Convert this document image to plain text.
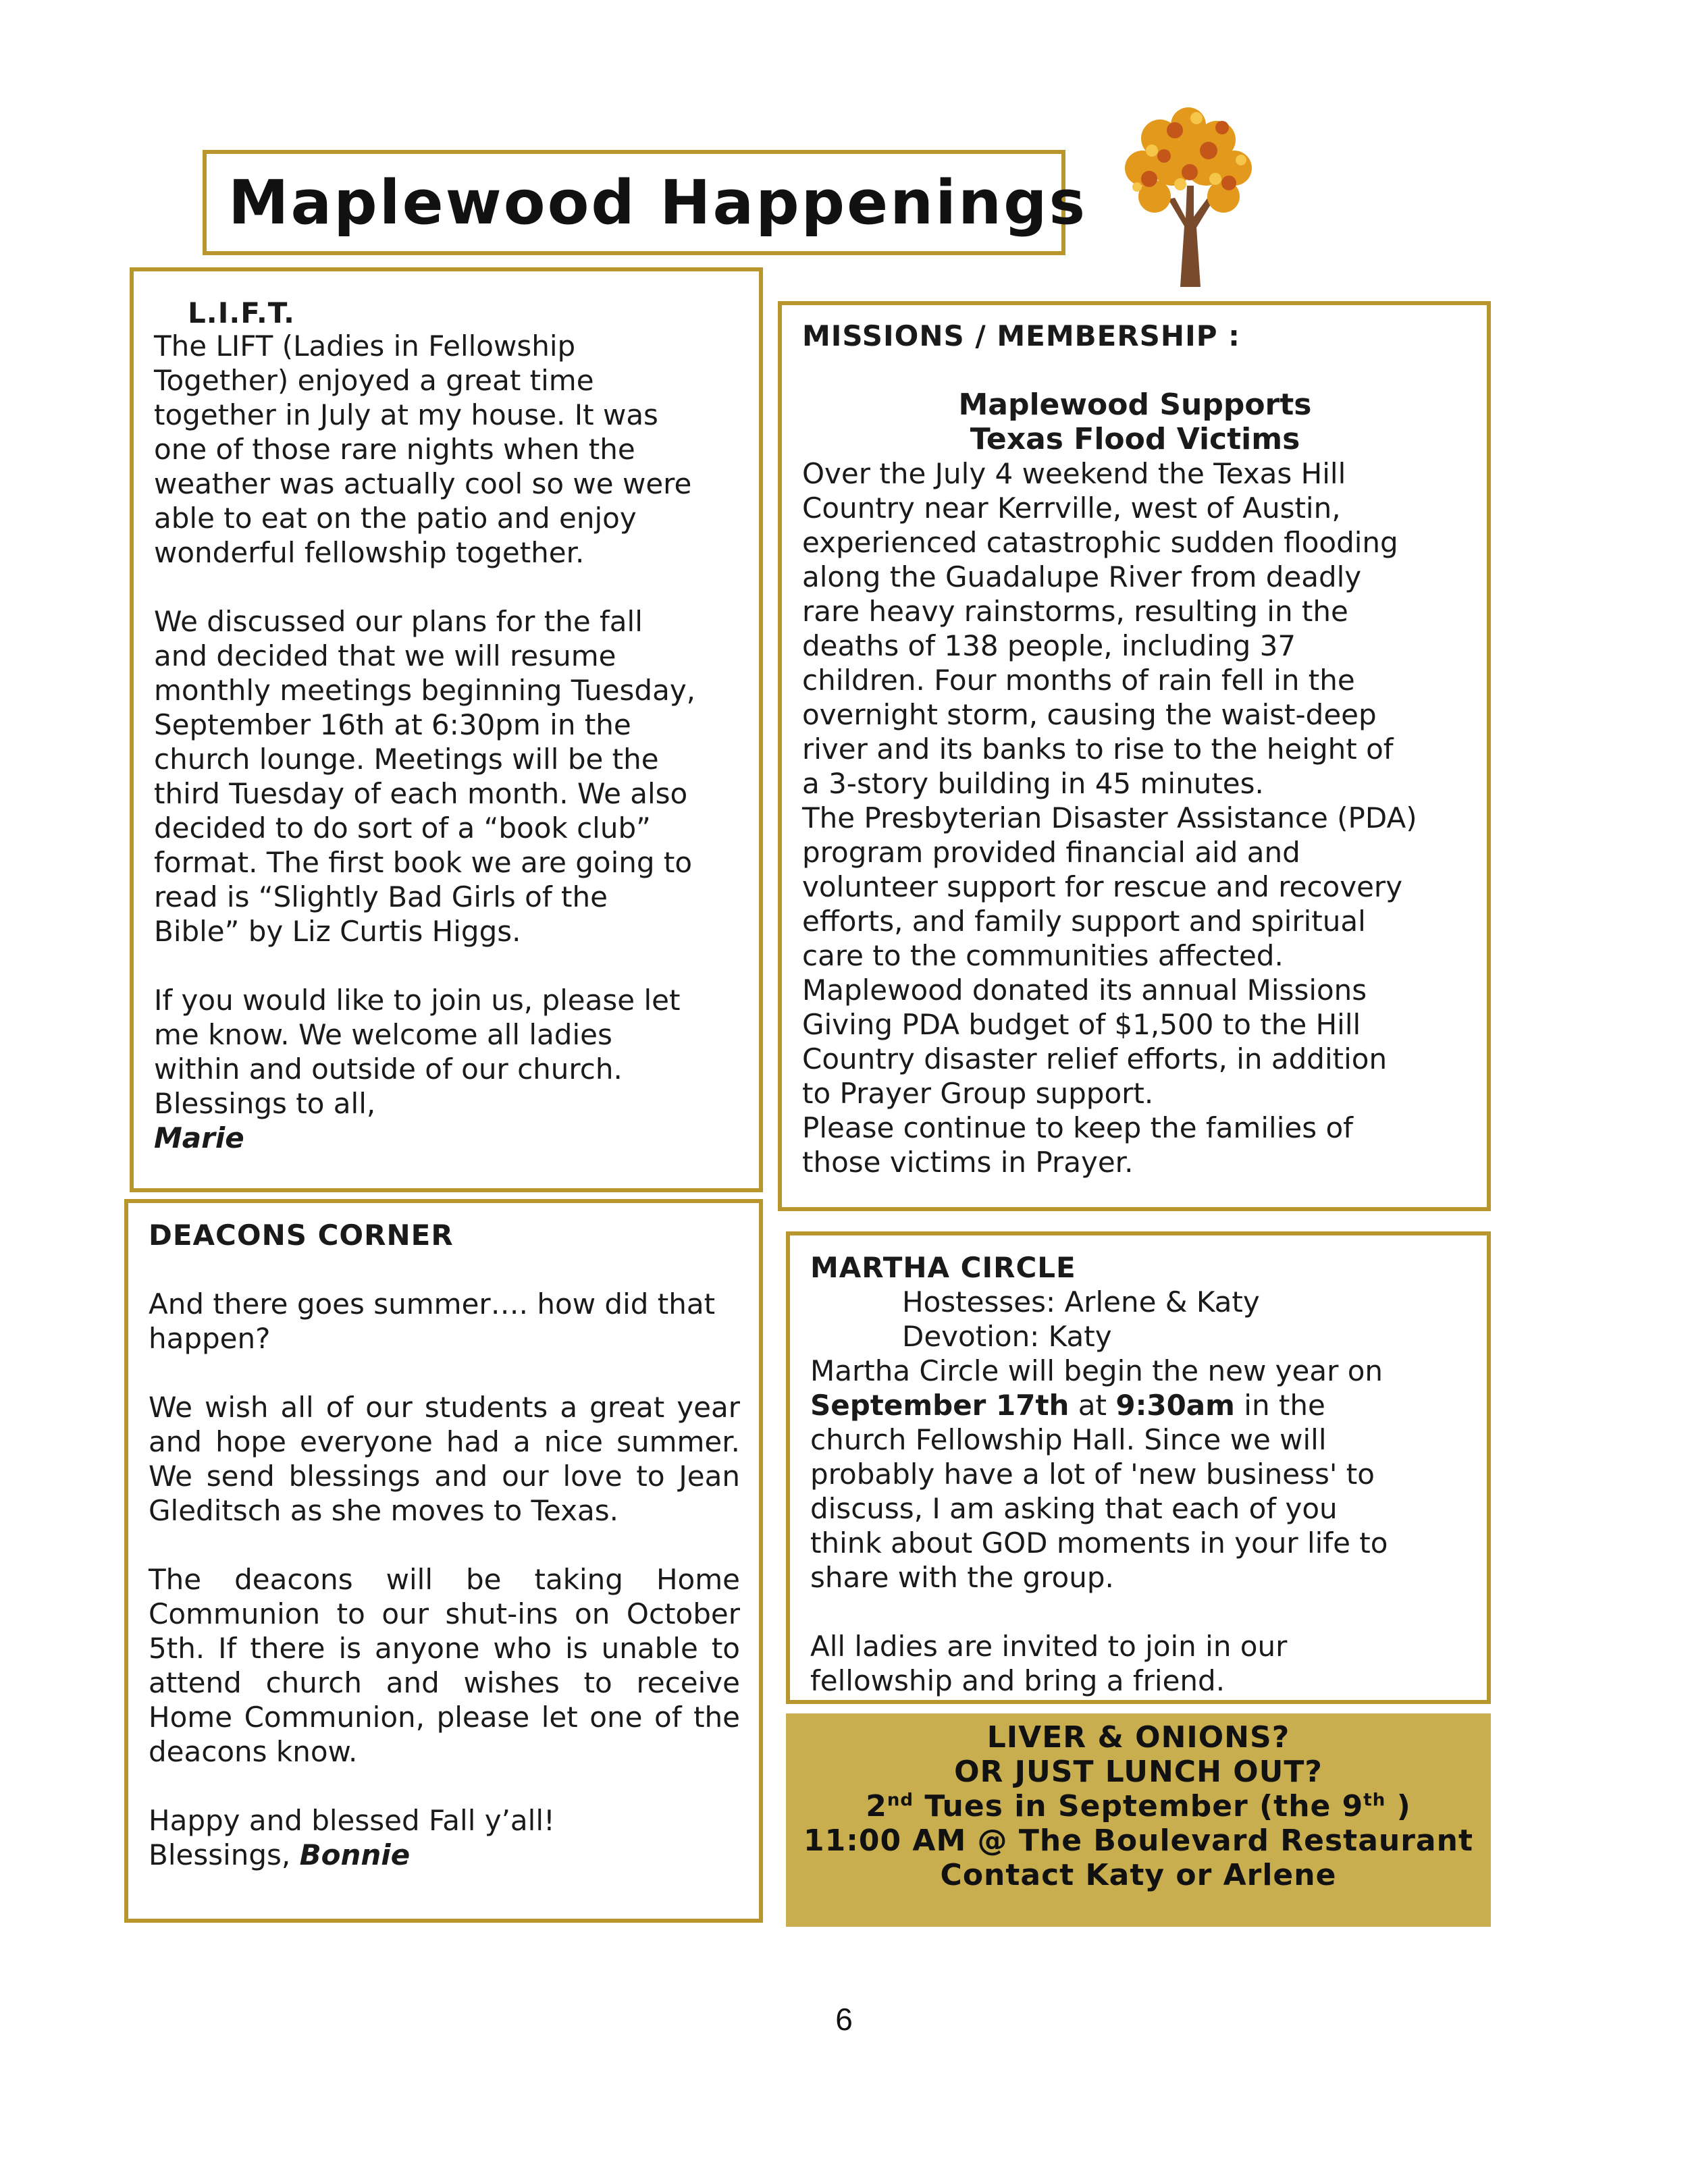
Maplewood Happenings

L.I.F.T.

The LIFT (Ladies in Fellowship
Together) enjoyed a great time
together in July at my house. It was
one of those rare nights when the
weather was actually cool so we were
able to eat on the patio and enjoy
wonderful fellowship together.

We discussed our plans for the fall
and decided that we will resume
monthly meetings beginning Tuesday,
September 16th at 6:30pm in the
church lounge. Meetings will be the
third Tuesday of each month. We also
decided to do sort of a “book club”
format. The first book we are going to
read is “Slightly Bad Girls of the
Bible” by Liz Curtis Higgs.

If you would like to join us, please let
me know. We welcome all ladies
within and outside of our church.
Blessings to all,

Marie

MISSIONS / MEMBERSHIP :

Maplewood Supports
Texas Flood Victims

Over the July 4 weekend the Texas Hill
Country near Kerrville, west of Austin,
experienced catastrophic sudden flooding
along the Guadalupe River from deadly
rare heavy rainstorms, resulting in the
deaths of 138 people, including 37
children. Four months of rain fell in the
overnight storm, causing the waist-deep
river and its banks to rise to the height of
a 3-story building in 45 minutes.
The Presbyterian Disaster Assistance (PDA)
program provided financial aid and
volunteer support for rescue and recovery
efforts, and family support and spiritual
care to the communities affected.
Maplewood donated its annual Missions
Giving PDA budget of $1,500 to the Hill
Country disaster relief efforts, in addition
to Prayer Group support.
Please continue to keep the families of
those victims in Prayer.

DEACONS CORNER

And there goes summer…. how did that happen?

We wish all of our students a great year and hope everyone had a nice summer. We send blessings and our love to Jean Gleditsch as she moves to Texas.

The deacons will be taking Home Communion to our shut-ins on October 5th. If there is anyone who is unable to attend church and wishes to receive Home Communion, please let one of the deacons know.

Happy and blessed Fall y’all!

Blessings, Bonnie

MARTHA CIRCLE

Hostesses: Arlene & Katy

Devotion: Katy

Martha Circle will begin the new year on

September 17th at 9:30am in the

church Fellowship Hall. Since we will
probably have a lot of 'new business' to
discuss, I am asking that each of you
think about GOD moments in your life to
share with the group.

All ladies are invited to join in our
fellowship and bring a friend.

LIVER & ONIONS?
OR JUST LUNCH OUT?
2nd Tues in September (the 9th )
11:00 AM @ The Boulevard Restaurant
Contact Katy or Arlene
6
